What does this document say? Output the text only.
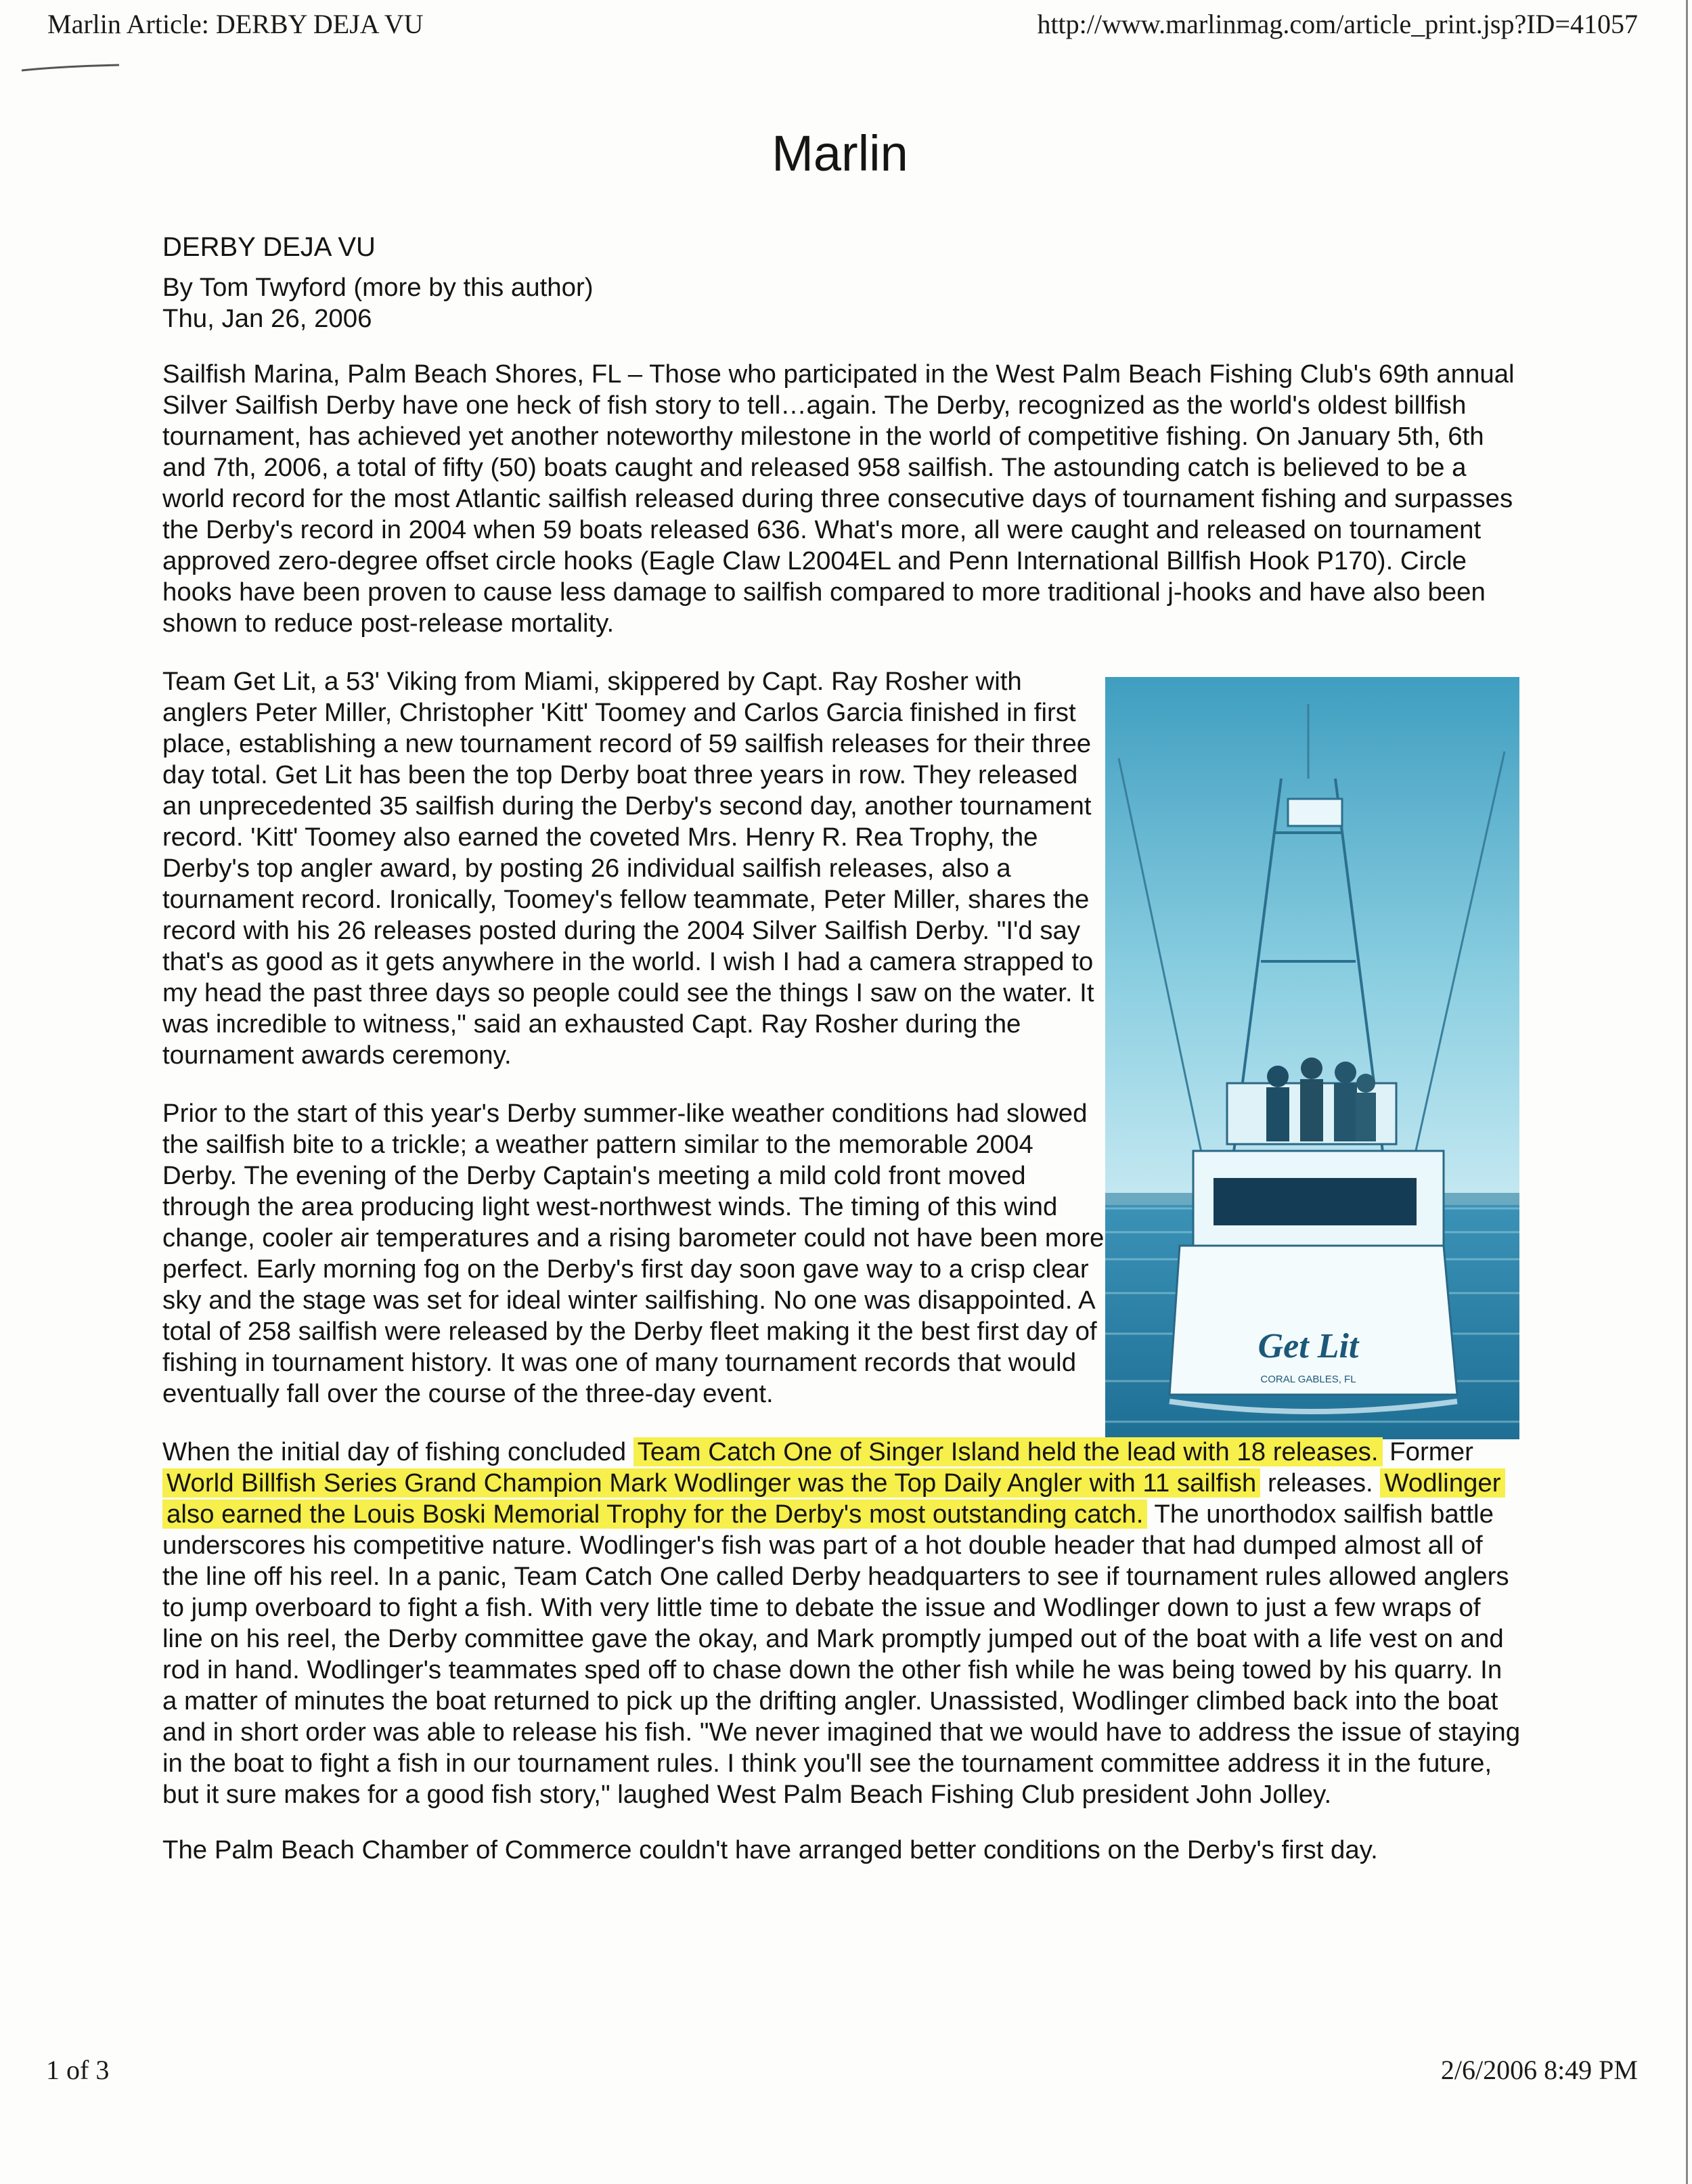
Marlin Article: DERBY DEJA VU	http://www.marlinmag.com/article_print.jsp?ID=41057
Marlin
Get Lit
CORAL GABLES, FL
DERBY DEJA VU
By Tom Twyford (more by this author)
Thu, Jan 26, 2006

Sailfish Marina, Palm Beach Shores, FL – Those who participated in the West Palm Beach Fishing Club's 69th annual Silver Sailfish Derby have one heck of fish story to tell…again. The Derby, recognized as the world's oldest billfish tournament, has achieved yet another noteworthy milestone in the world of competitive fishing. On January 5th, 6th and 7th, 2006, a total of fifty (50) boats caught and released 958 sailfish. The astounding catch is believed to be a world record for the most Atlantic sailfish released during three consecutive days of tournament fishing and surpasses the Derby's record in 2004 when 59 boats released 636. What's more, all were caught and released on tournament approved zero-degree offset circle hooks (Eagle Claw L2004EL and Penn International Billfish Hook P170). Circle hooks have been proven to cause less damage to sailfish compared to more traditional j-hooks and have also been shown to reduce post-release mortality.

Team Get Lit, a 53' Viking from Miami, skippered by Capt. Ray Rosher with anglers Peter Miller, Christopher 'Kitt' Toomey and Carlos Garcia finished in first place, establishing a new tournament record of 59 sailfish releases for their three day total. Get Lit has been the top Derby boat three years in row. They released an unprecedented 35 sailfish during the Derby's second day, another tournament record. 'Kitt' Toomey also earned the coveted Mrs. Henry R. Rea Trophy, the Derby's top angler award, by posting 26 individual sailfish releases, also a tournament record. Ironically, Toomey's fellow teammate, Peter Miller, shares the record with his 26 releases posted during the 2004 Silver Sailfish Derby. "I'd say that's as good as it gets anywhere in the world. I wish I had a camera strapped to my head the past three days so people could see the things I saw on the water. It was incredible to witness," said an exhausted Capt. Ray Rosher during the tournament awards ceremony.

Prior to the start of this year's Derby summer-like weather conditions had slowed the sailfish bite to a trickle; a weather pattern similar to the memorable 2004 Derby. The evening of the Derby Captain's meeting a mild cold front moved through the area producing light west-northwest winds. The timing of this wind change, cooler air temperatures and a rising barometer could not have been more perfect. Early morning fog on the Derby's first day soon gave way to a crisp clear sky and the stage was set for ideal winter sailfishing. No one was disappointed. A total of 258 sailfish were released by the Derby fleet making it the best first day of fishing in tournament history. It was one of many tournament records that would eventually fall over the course of the three-day event.

When the initial day of fishing concluded Team Catch One of Singer Island held the lead with 18 releases. Former World Billfish Series Grand Champion Mark Wodlinger was the Top Daily Angler with 11 sailfish releases. Wodlinger also earned the Louis Boski Memorial Trophy for the Derby's most outstanding catch. The unorthodox sailfish battle underscores his competitive nature. Wodlinger's fish was part of a hot double header that had dumped almost all of the line off his reel. In a panic, Team Catch One called Derby headquarters to see if tournament rules allowed anglers to jump overboard to fight a fish. With very little time to debate the issue and Wodlinger down to just a few wraps of line on his reel, the Derby committee gave the okay, and Mark promptly jumped out of the boat with a life vest on and rod in hand. Wodlinger's teammates sped off to chase down the other fish while he was being towed by his quarry. In a matter of minutes the boat returned to pick up the drifting angler. Unassisted, Wodlinger climbed back into the boat and in short order was able to release his fish. "We never imagined that we would have to address the issue of staying in the boat to fight a fish in our tournament rules. I think you'll see the tournament committee address it in the future, but it sure makes for a good fish story," laughed West Palm Beach Fishing Club president John Jolley.

The Palm Beach Chamber of Commerce couldn't have arranged better conditions on the Derby's first day.

1 of 3	2/6/2006 8:49 PM
